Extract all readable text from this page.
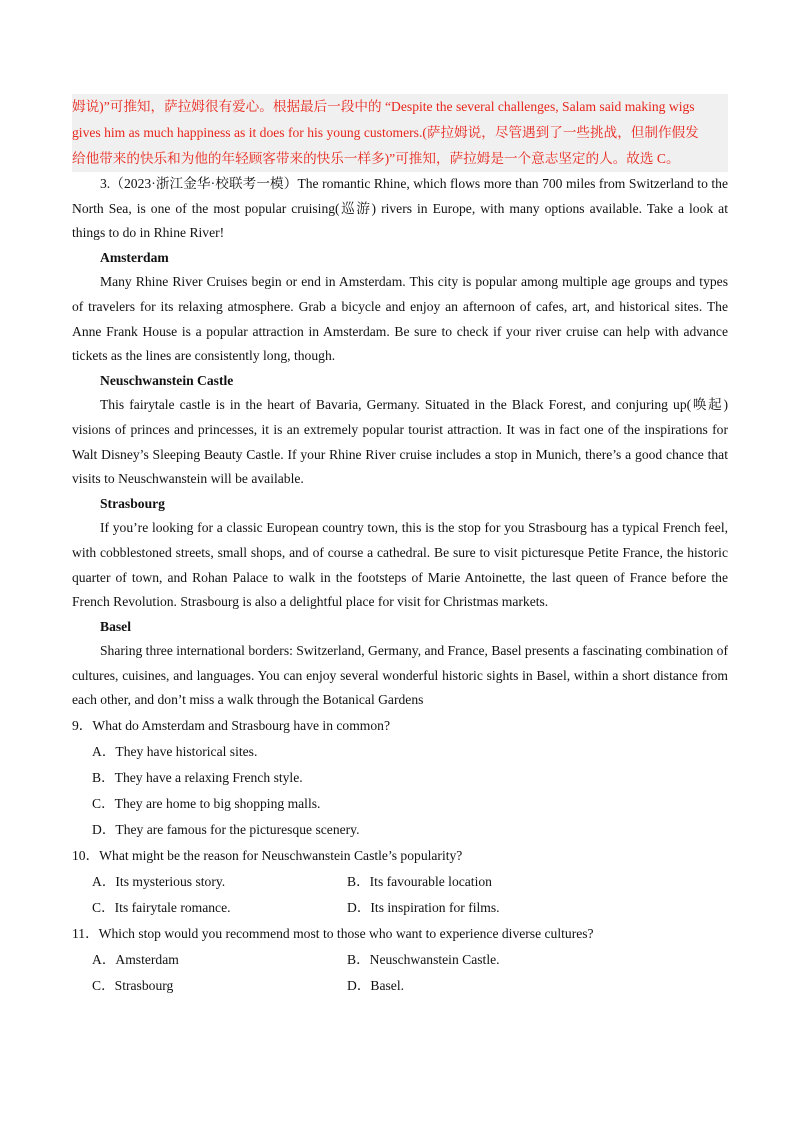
姆说)”可推知，萨拉姆很有爱心。根据最后一段中的 “Despite the several challenges, Salam said making wigs
gives him as much happiness as it does for his young customers.(萨拉姆说，尽管遇到了一些挑战，但制作假发
给他带来的快乐和为他的年轻顾客带来的快乐一样多)”可推知，萨拉姆是一个意志坚定的人。故选 C。

3.（2023·浙江金华·校联考一模）The romantic Rhine, which flows more than 700 miles from Switzerland to the North Sea, is one of the most popular cruising(巡游) rivers in Europe, with many options available. Take a look at things to do in Rhine River!

Amsterdam

Many Rhine River Cruises begin or end in Amsterdam. This city is popular among multiple age groups and types of travelers for its relaxing atmosphere. Grab a bicycle and enjoy an afternoon of cafes, art, and historical sites. The Anne Frank House is a popular attraction in Amsterdam. Be sure to check if your river cruise can help with advance tickets as the lines are consistently long, though.

Neuschwanstein Castle

This fairytale castle is in the heart of Bavaria, Germany. Situated in the Black Forest, and conjuring up(唤起) visions of princes and princesses, it is an extremely popular tourist attraction. It was in fact one of the inspirations for Walt Disney’s Sleeping Beauty Castle. If your Rhine River cruise includes a stop in Munich, there’s a good chance that visits to Neuschwanstein will be available.

Strasbourg

If you’re looking for a classic European country town, this is the stop for you Strasbourg has a typical French feel, with cobblestoned streets, small shops, and of course a cathedral. Be sure to visit picturesque Petite France, the historic quarter of town, and Rohan Palace to walk in the footsteps of Marie Antoinette, the last queen of France before the French Revolution. Strasbourg is also a delightful place for visit for Christmas markets.

Basel

Sharing three international borders: Switzerland, Germany, and France, Basel presents a fascinating combination of cultures, cuisines, and languages. You can enjoy several wonderful historic sights in Basel, within a short distance from each other, and don’t miss a walk through the Botanical Gardens

9．What do Amsterdam and Strasbourg have in common?

A．They have historical sites.

B．They have a relaxing French style.

C．They are home to big shopping malls.

D．They are famous for the picturesque scenery.

10．What might be the reason for Neuschwanstein Castle’s popularity?

A．Its mysterious story.	B．Its favourable location
C．Its fairytale romance.	D．Its inspiration for films.

11．Which stop would you recommend most to those who want to experience diverse cultures?

A．Amsterdam	B．Neuschwanstein Castle.
C．Strasbourg	D．Basel.
